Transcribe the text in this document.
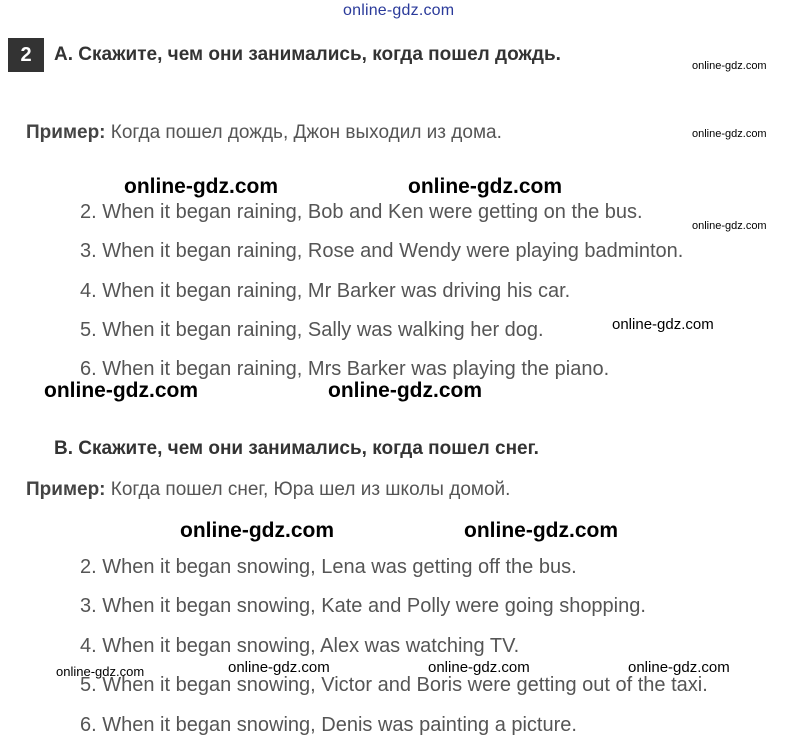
online-gdz.com
2	A. Скажите, чем они занимались, когда пошел дождь.
Пример: Когда пошел дождь, Джон выходил из дома.
2. When it began raining, Bob and Ken were getting on the bus.
3. When it began raining, Rose and Wendy were playing badminton.
4. When it began raining, Mr Barker was driving his car.
5. When it began raining, Sally was walking her dog.
6. When it began raining, Mrs Barker was playing the piano.
B. Скажите, чем они занимались, когда пошел снег.
Пример: Когда пошел снег, Юра шел из школы домой.
2. When it began snowing, Lena was getting off the bus.
3. When it began snowing, Kate and Polly were going shopping.
4. When it began snowing, Alex was watching TV.
5. When it began snowing, Victor and Boris were getting out of the taxi.
6. When it began snowing, Denis was painting a picture.
online-gdz.com
online-gdz.com
online-gdz.com	online-gdz.com
online-gdz.com
online-gdz.com
online-gdz.com	online-gdz.com
online-gdz.com	online-gdz.com
online-gdz.com	online-gdz.com	online-gdz.com	online-gdz.com
